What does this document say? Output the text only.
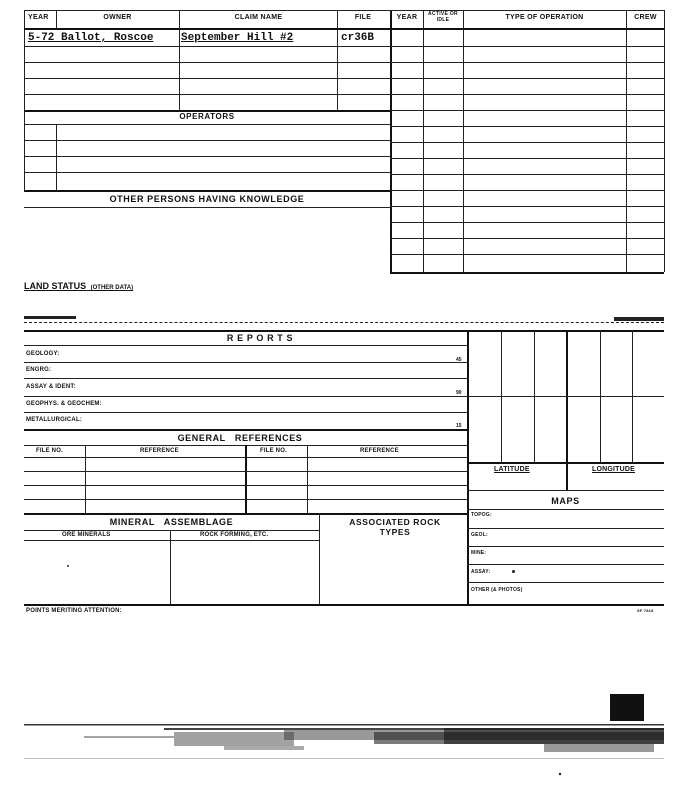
YEAR	OWNER	CLAIM NAME	FILE	YEAR	ACTIVE OR IDLE	TYPE OF OPERATION	CREW
5-72 Ballot, Roscoe	September Hill #2	cr36B
OPERATORS
OTHER PERSONS HAVING KNOWLEDGE
LAND STATUS (OTHER DATA)
R E P O R T S
GEOLOGY:
45
ENGRG:
ASSAY & IDENT:
90
GEOPHYS. & GEOCHEM:
METALLURGICAL:
15
GENERAL   REFERENCES
FILE NO.	REFERENCE	FILE NO.	REFERENCE
LATITUDE	LONGITUDE
MAPS
TOPOG:
GEOL:
MINE:
ASSAY:
OTHER (& PHOTOS)
MINERAL   ASSEMBLAGE
ORE MINERALS	ROCK FORMING, ETC.
ASSOCIATED ROCK TYPES
POINTS MERITING ATTENTION:	SF 7818
